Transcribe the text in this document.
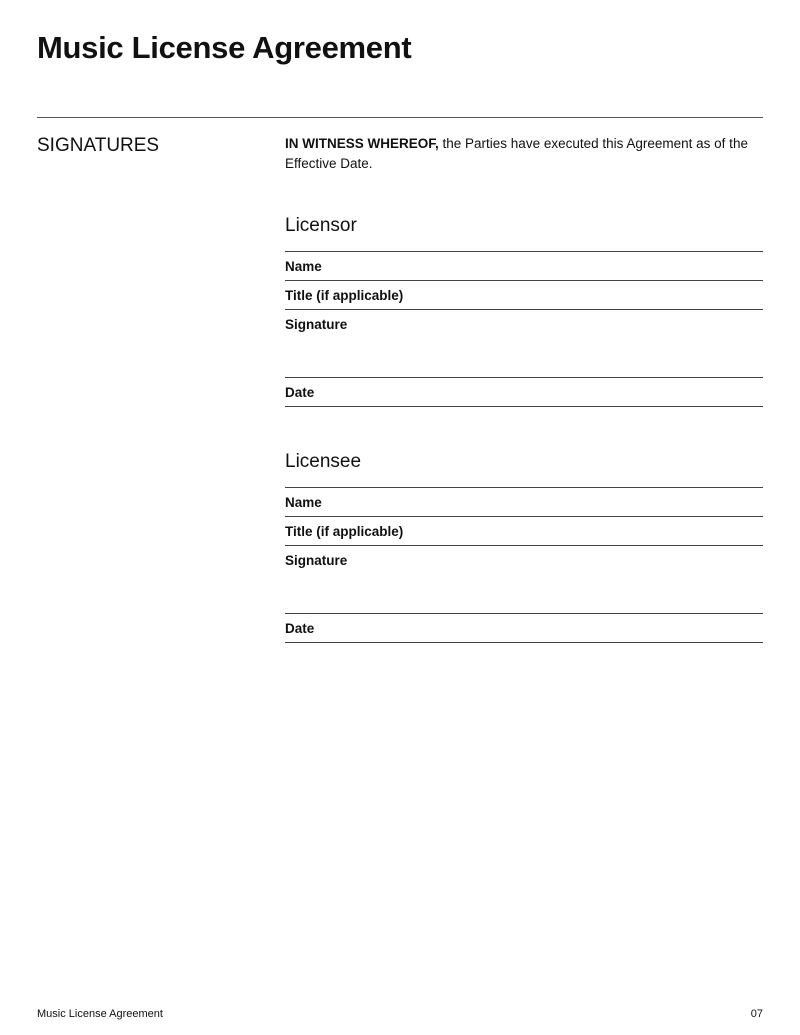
Music License Agreement
SIGNATURES	IN WITNESS WHEREOF, the Parties have executed this Agreement as of the Effective Date.

Licensor
Name
Title (if applicable)
Signature
Date
Licensee
Name
Title (if applicable)
Signature
Date
Music License Agreement	07
